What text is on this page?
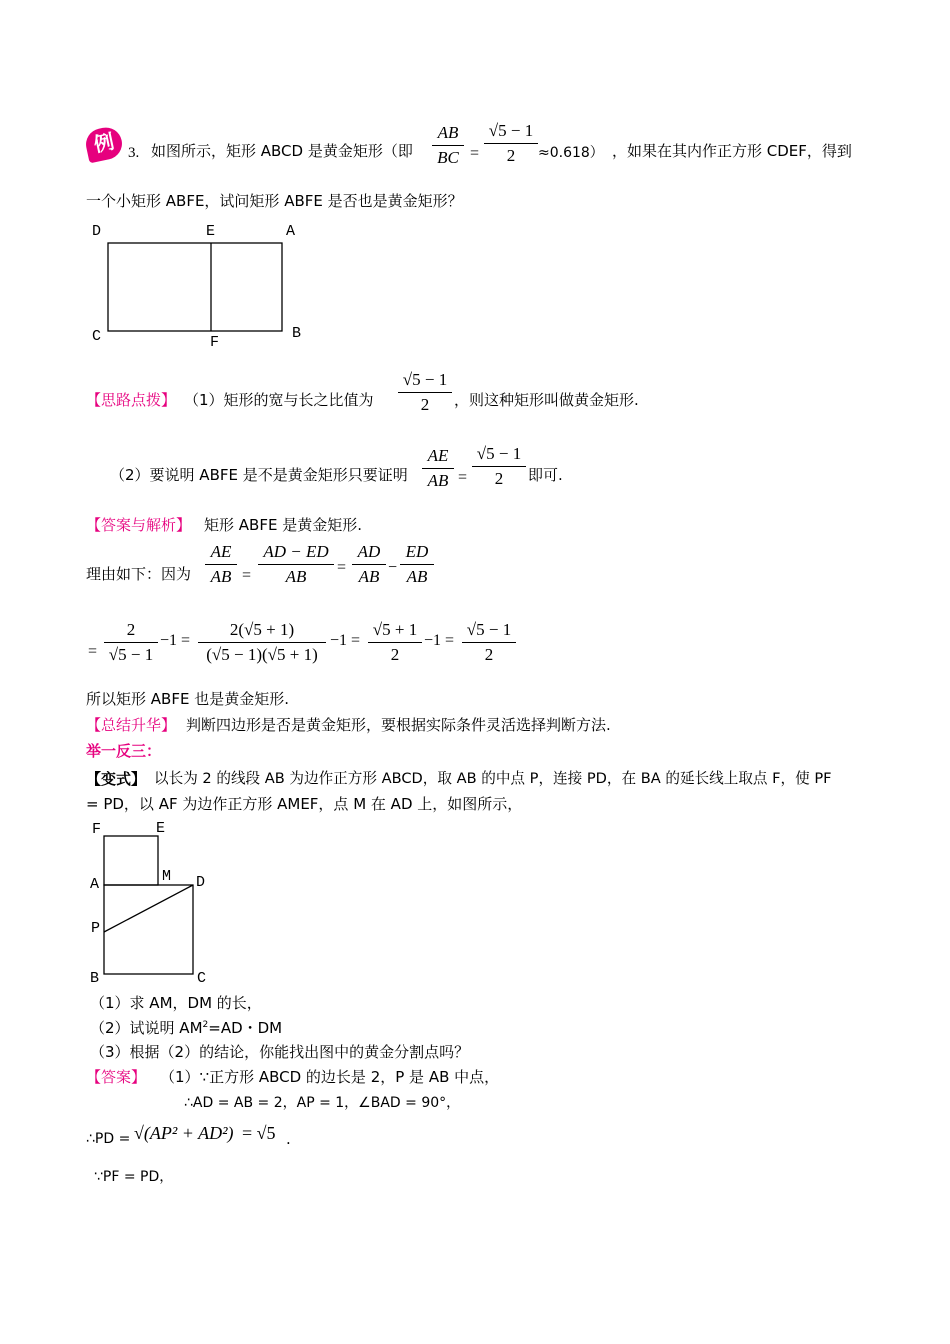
例 3. 如图所示，矩形 ABCD 是黄金矩形（即
AB
BC =
√5 − 1
2	≈0.618） ，如果在其内作正方形 CDEF，得到
一个小矩形 ABFE，试问矩形 ABFE 是否也是黄金矩形？
D	E	A
C	F
B
【思路点拨】 （1）矩形的宽与长之比值为
√5 − 1
2	，则这种矩形叫做黄金矩形.
（2）要说明 ABFE 是不是黄金矩形只要证明
AE
AB =
√5 − 1
2	即可.
【答案与解析】 矩形 ABFE 是黄金矩形.
理由如下：因为
AE
AB =
AD − ED
AB	=
AD
AB −
ED
AB
=
2
√5 − 1
−1 =
2(√5 + 1)
(√5 − 1)(√5 + 1)
−1 =
√5 + 1
2
−1 =
√5 − 1
2
所以矩形 ABFE 也是黄金矩形.
【总结升华】 判断四边形是否是黄金矩形，要根据实际条件灵活选择判断方法.
举一反三：
【变式】 以长为 2 的线段 AB 为边作正方形 ABCD，取 AB 的中点 P，连接 PD，在 BA 的延长线上取点 F，使 PF
= PD，以 AF 为边作正方形 AMEF，点 M 在 AD 上，如图所示，
F	E
A	M D
P
B	C
（1）求 AM，DM 的长，
（2）试说明 $AM^2=AD$・DM
（3）根据（2）的结论，你能找出图中的黄金分割点吗？
【答案】 （1）∵正方形 ABCD 的边长是 2，P 是 AB 中点，
∴AD = AB = 2，AP = 1，∠BAD = 90°，
∴PD = √(AP² + AD²) = √5 .
∵PF = PD，
